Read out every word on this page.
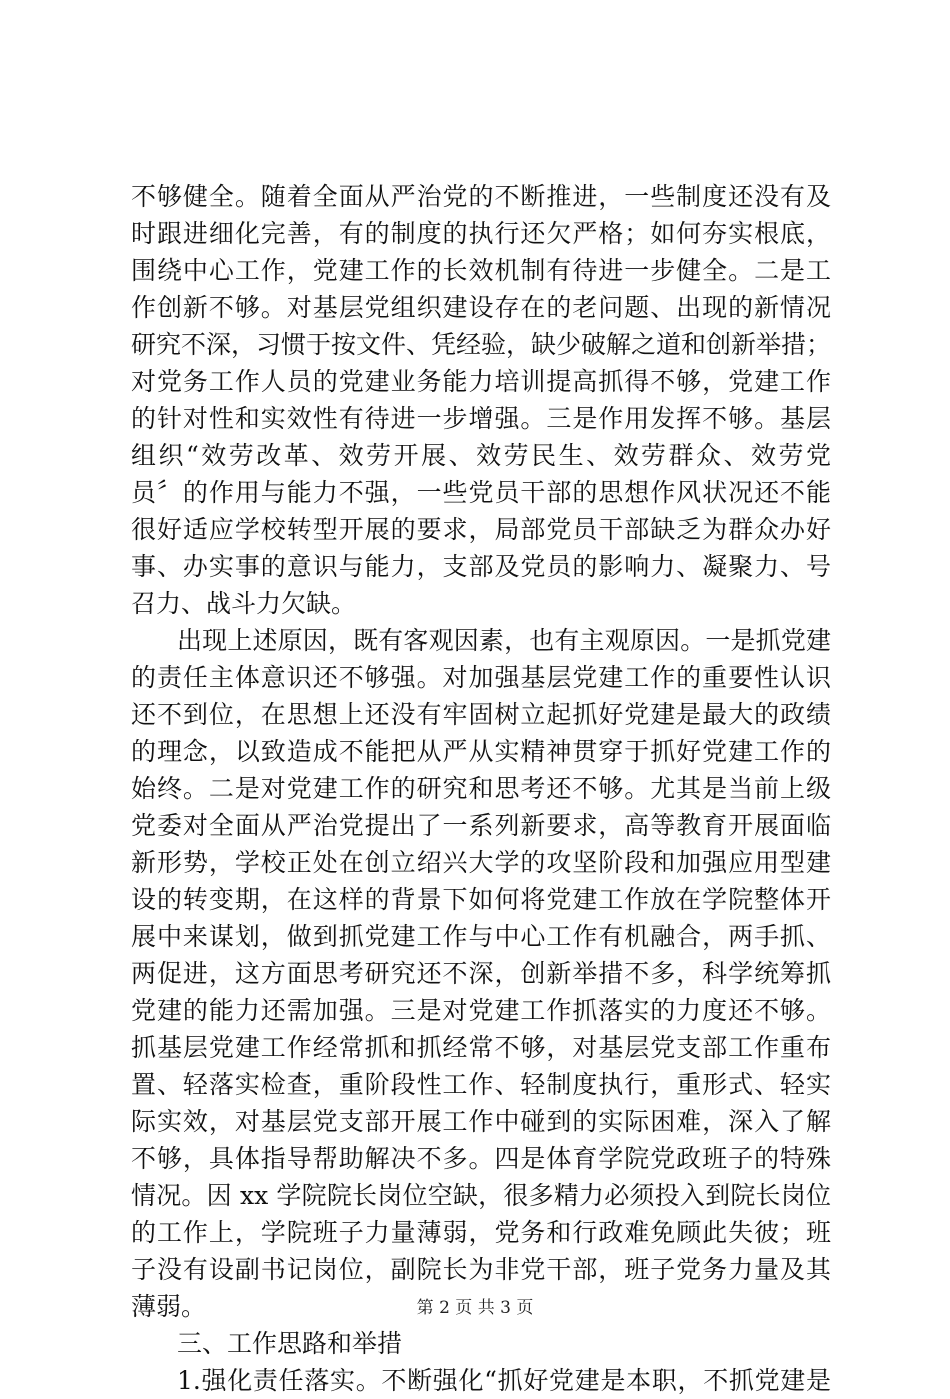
不够健全。随着全面从严治党的不断推进，一些制度还没有及
时跟进细化完善，有的制度的执行还欠严格；如何夯实根底，
围绕中心工作，党建工作的长效机制有待进一步健全。二是工
作创新不够。对基层党组织建设存在的老问题、出现的新情况
研究不深，习惯于按文件、凭经验，缺少破解之道和创新举措；
对党务工作人员的党建业务能力培训提高抓得不够，党建工作
的针对性和实效性有待进一步增强。三是作用发挥不够。基层
组织“效劳改革、效劳开展、效劳民生、效劳群众、效劳党
员〞的作用与能力不强，一些党员干部的思想作风状况还不能
很好适应学校转型开展的要求，局部党员干部缺乏为群众办好
事、办实事的意识与能力，支部及党员的影响力、凝聚力、号
召力、战斗力欠缺。
出现上述原因，既有客观因素，也有主观原因。一是抓党建
的责任主体意识还不够强。对加强基层党建工作的重要性认识
还不到位，在思想上还没有牢固树立起抓好党建是最大的政绩
的理念，以致造成不能把从严从实精神贯穿于抓好党建工作的
始终。二是对党建工作的研究和思考还不够。尤其是当前上级
党委对全面从严治党提出了一系列新要求，高等教育开展面临
新形势，学校正处在创立绍兴大学的攻坚阶段和加强应用型建
设的转变期，在这样的背景下如何将党建工作放在学院整体开
展中来谋划，做到抓党建工作与中心工作有机融合，两手抓、
两促进，这方面思考研究还不深，创新举措不多，科学统筹抓
党建的能力还需加强。三是对党建工作抓落实的力度还不够。
抓基层党建工作经常抓和抓经常不够，对基层党支部工作重布
置、轻落实检查，重阶段性工作、轻制度执行，重形式、轻实
际实效，对基层党支部开展工作中碰到的实际困难，深入了解
不够，具体指导帮助解决不多。四是体育学院党政班子的特殊
情况。因 xx 学院院长岗位空缺，很多精力必须投入到院长岗位
的工作上，学院班子力量薄弱，党务和行政难免顾此失彼；班
子没有设副书记岗位，副院长为非党干部，班子党务力量及其
薄弱。
三、工作思路和举措
1.强化责任落实。不断强化“抓好党建是本职，不抓党建是
第 2 页 共 3 页
